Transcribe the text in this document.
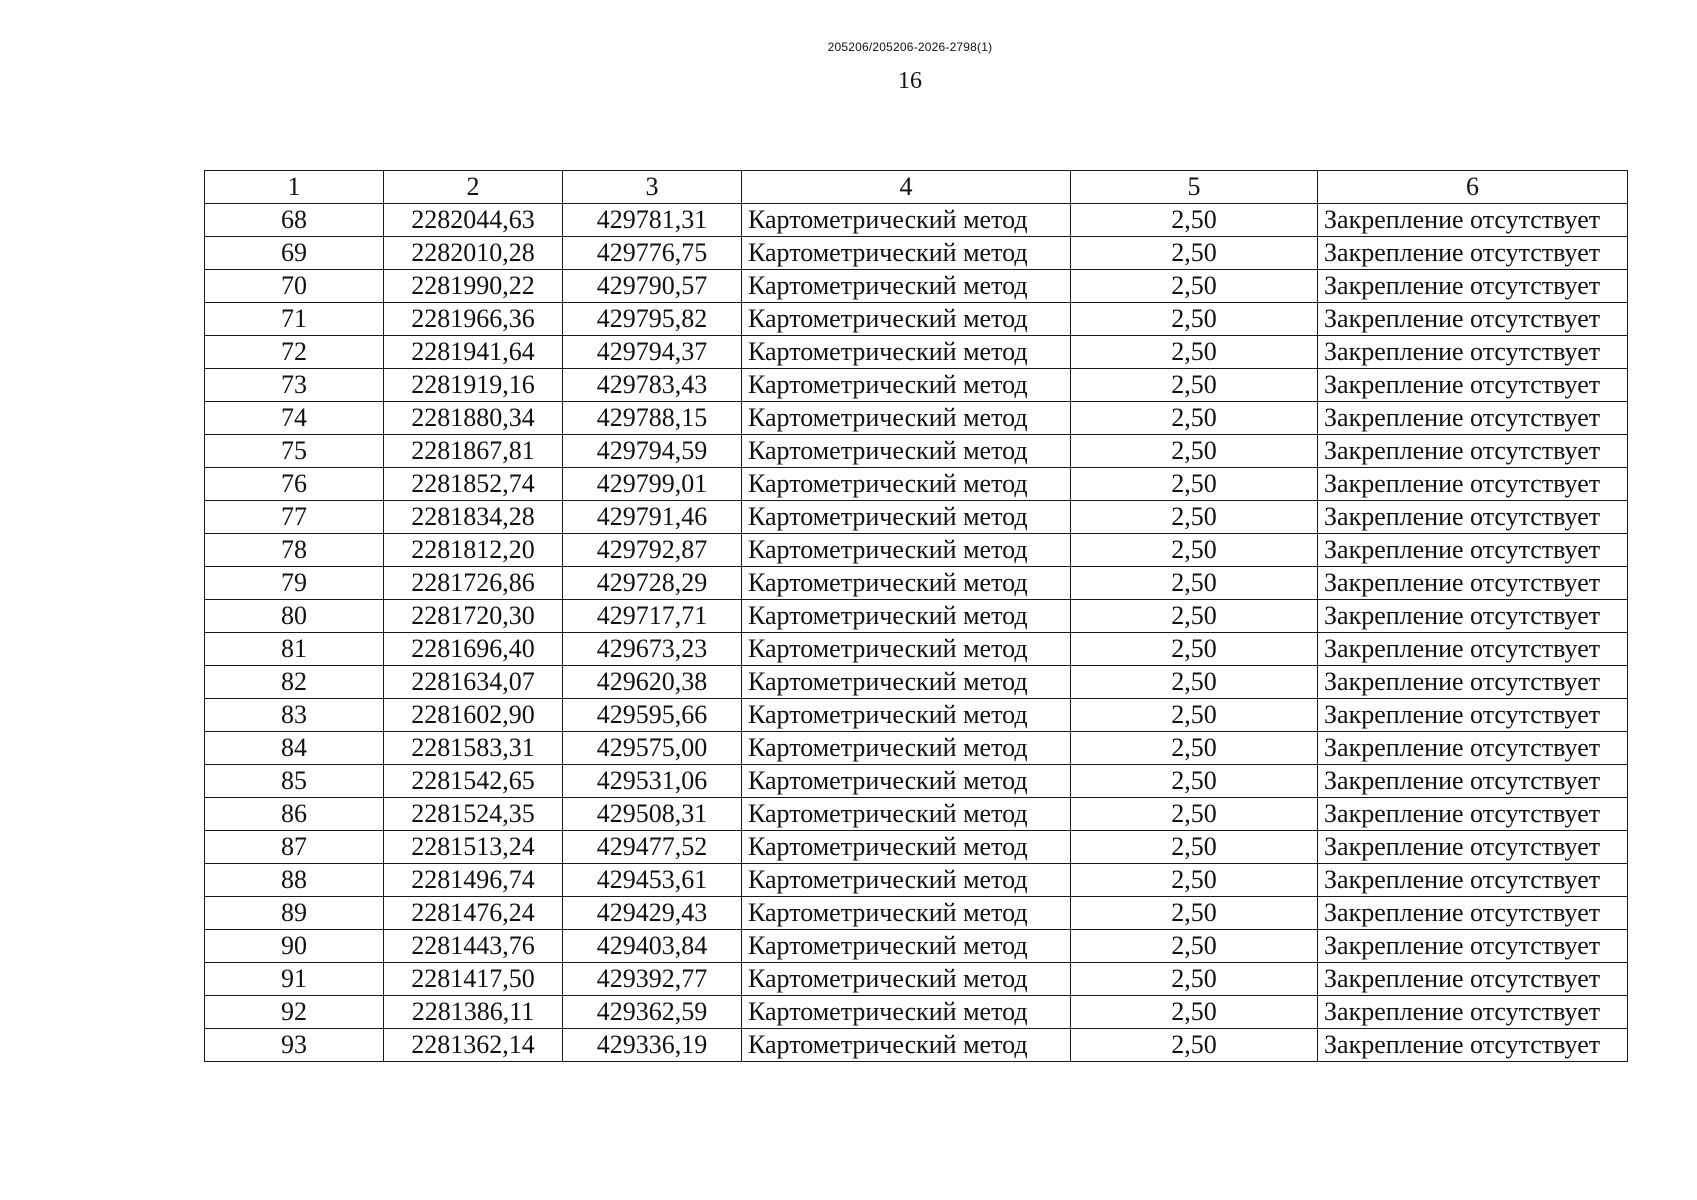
205206/205206-2026-2798(1)
16
1	2	3	4	5	6
68	2282044,63	429781,31	Картометрический метод	2,50	Закрепление отсутствует
69	2282010,28	429776,75	Картометрический метод	2,50	Закрепление отсутствует
70	2281990,22	429790,57	Картометрический метод	2,50	Закрепление отсутствует
71	2281966,36	429795,82	Картометрический метод	2,50	Закрепление отсутствует
72	2281941,64	429794,37	Картометрический метод	2,50	Закрепление отсутствует
73	2281919,16	429783,43	Картометрический метод	2,50	Закрепление отсутствует
74	2281880,34	429788,15	Картометрический метод	2,50	Закрепление отсутствует
75	2281867,81	429794,59	Картометрический метод	2,50	Закрепление отсутствует
76	2281852,74	429799,01	Картометрический метод	2,50	Закрепление отсутствует
77	2281834,28	429791,46	Картометрический метод	2,50	Закрепление отсутствует
78	2281812,20	429792,87	Картометрический метод	2,50	Закрепление отсутствует
79	2281726,86	429728,29	Картометрический метод	2,50	Закрепление отсутствует
80	2281720,30	429717,71	Картометрический метод	2,50	Закрепление отсутствует
81	2281696,40	429673,23	Картометрический метод	2,50	Закрепление отсутствует
82	2281634,07	429620,38	Картометрический метод	2,50	Закрепление отсутствует
83	2281602,90	429595,66	Картометрический метод	2,50	Закрепление отсутствует
84	2281583,31	429575,00	Картометрический метод	2,50	Закрепление отсутствует
85	2281542,65	429531,06	Картометрический метод	2,50	Закрепление отсутствует
86	2281524,35	429508,31	Картометрический метод	2,50	Закрепление отсутствует
87	2281513,24	429477,52	Картометрический метод	2,50	Закрепление отсутствует
88	2281496,74	429453,61	Картометрический метод	2,50	Закрепление отсутствует
89	2281476,24	429429,43	Картометрический метод	2,50	Закрепление отсутствует
90	2281443,76	429403,84	Картометрический метод	2,50	Закрепление отсутствует
91	2281417,50	429392,77	Картометрический метод	2,50	Закрепление отсутствует
92	2281386,11	429362,59	Картометрический метод	2,50	Закрепление отсутствует
93	2281362,14	429336,19	Картометрический метод	2,50	Закрепление отсутствует
